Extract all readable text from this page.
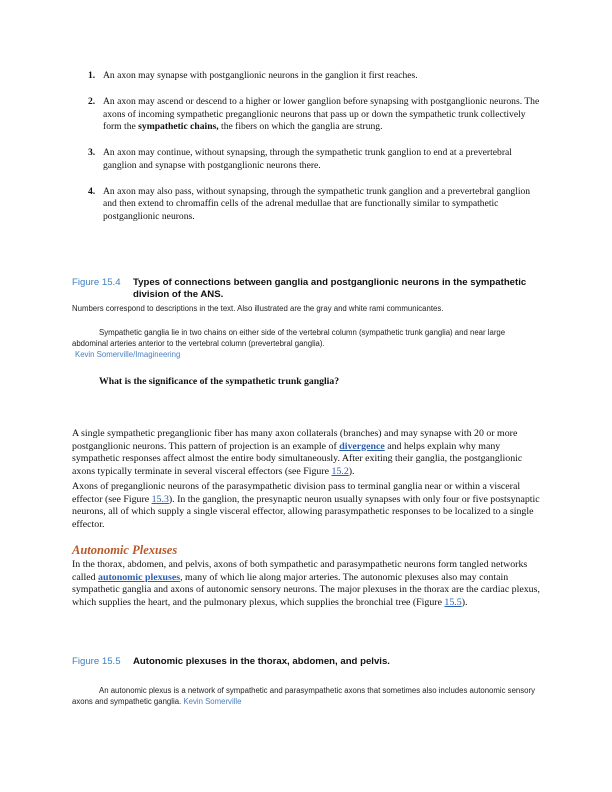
1. An axon may synapse with postganglionic neurons in the ganglion it first reaches.
2. An axon may ascend or descend to a higher or lower ganglion before synapsing with postganglionic neurons. The axons of incoming sympathetic preganglionic neurons that pass up or down the sympathetic trunk collectively form the sympathetic chains, the fibers on which the ganglia are strung.
3. An axon may continue, without synapsing, through the sympathetic trunk ganglion to end at a prevertebral ganglion and synapse with postganglionic neurons there.
4. An axon may also pass, without synapsing, through the sympathetic trunk ganglion and a prevertebral ganglion and then extend to chromaffin cells of the adrenal medullae that are functionally similar to sympathetic postganglionic neurons.
Figure 15.4 Types of connections between ganglia and postganglionic neurons in the sympathetic division of the ANS.
Numbers correspond to descriptions in the text. Also illustrated are the gray and white rami communicantes.
Sympathetic ganglia lie in two chains on either side of the vertebral column (sympathetic trunk ganglia) and near large abdominal arteries anterior to the vertebral column (prevertebral ganglia).
Kevin Somerville/Imagineering
What is the significance of the sympathetic trunk ganglia?

A single sympathetic preganglionic fiber has many axon collaterals (branches) and may synapse with 20 or more postganglionic neurons. This pattern of projection is an example of divergence and helps explain why many sympathetic responses affect almost the entire body simultaneously. After exiting their ganglia, the postganglionic axons typically terminate in several visceral effectors (see Figure 15.2).

Axons of preganglionic neurons of the parasympathetic division pass to terminal ganglia near or within a visceral effector (see Figure 15.3). In the ganglion, the presynaptic neuron usually synapses with only four or five postsynaptic neurons, all of which supply a single visceral effector, allowing parasympathetic responses to be localized to a single effector.

Autonomic Plexuses

In the thorax, abdomen, and pelvis, axons of both sympathetic and parasympathetic neurons form tangled networks called autonomic plexuses, many of which lie along major arteries. The autonomic plexuses also may contain sympathetic ganglia and axons of autonomic sensory neurons. The major plexuses in the thorax are the cardiac plexus, which supplies the heart, and the pulmonary plexus, which supplies the bronchial tree (Figure 15.5).

Figure 15.5 Autonomic plexuses in the thorax, abdomen, and pelvis.
An autonomic plexus is a network of sympathetic and parasympathetic axons that sometimes also includes autonomic sensory axons and sympathetic ganglia. Kevin Somerville
